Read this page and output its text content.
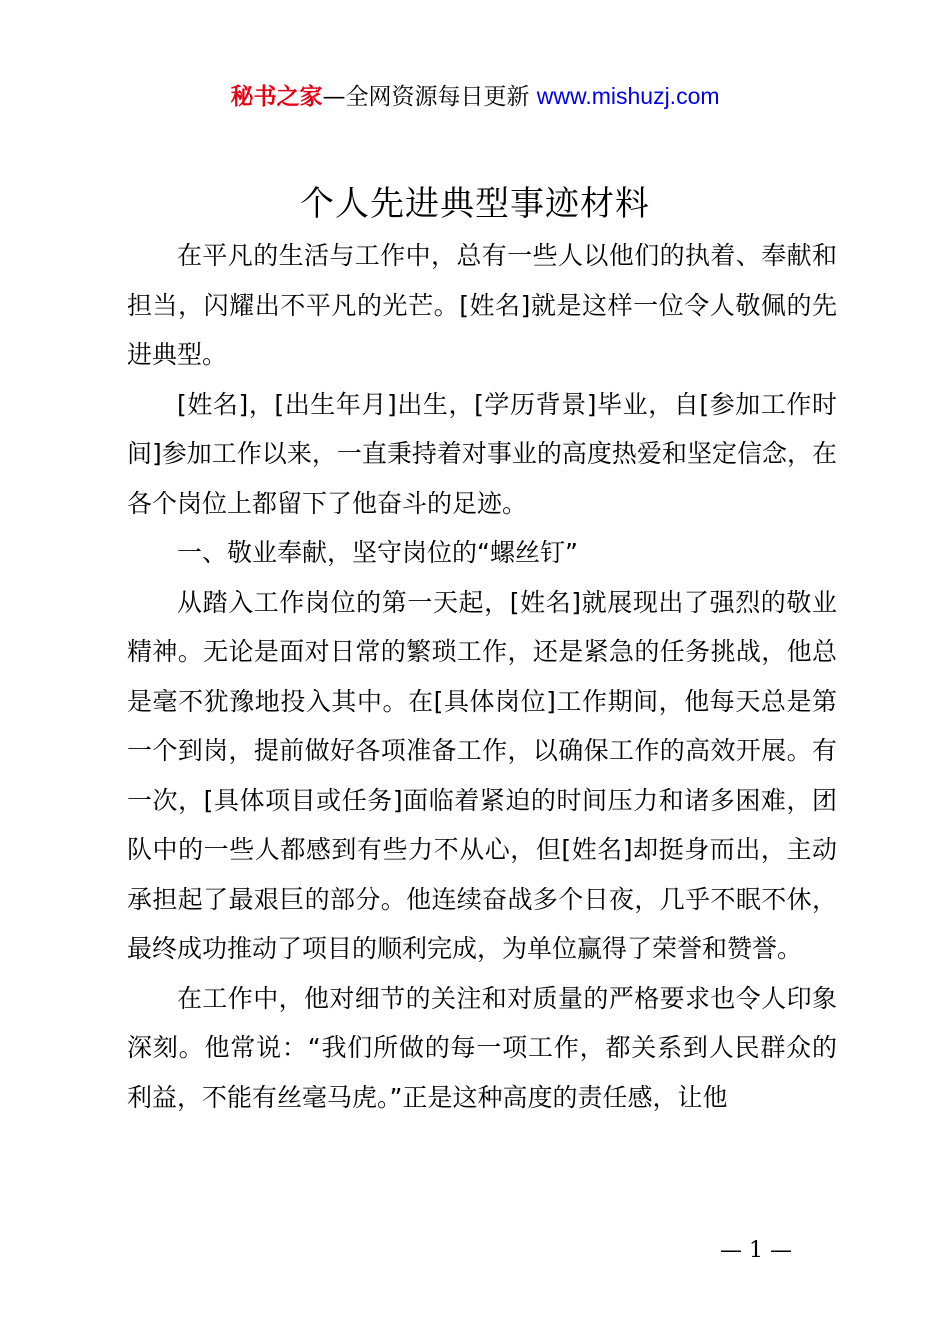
秘书之家—全网资源每日更新 www.mishuzj.com
个人先进典型事迹材料

在平凡的生活与工作中，总有一些人以他们的执着、奉献和担当，闪耀出不平凡的光芒。[姓名]就是这样一位令人敬佩的先进典型。

[姓名]，[出生年月]出生，[学历背景]毕业，自[参加工作时间]参加工作以来，一直秉持着对事业的高度热爱和坚定信念，在各个岗位上都留下了他奋斗的足迹。

一、敬业奉献，坚守岗位的“螺丝钉”

从踏入工作岗位的第一天起，[姓名]就展现出了强烈的敬业精神。无论是面对日常的繁琐工作，还是紧急的任务挑战，他总是毫不犹豫地投入其中。在[具体岗位]工作期间，他每天总是第一个到岗，提前做好各项准备工作，以确保工作的高效开展。有一次，[具体项目或任务]面临着紧迫的时间压力和诸多困难，团队中的一些人都感到有些力不从心，但[姓名]却挺身而出，主动承担起了最艰巨的部分。他连续奋战多个日夜，几乎不眠不休，最终成功推动了项目的顺利完成，为单位赢得了荣誉和赞誉。

在工作中，他对细节的关注和对质量的严格要求也令人印象深刻。他常说：“我们所做的每一项工作，都关系到人民群众的利益，不能有丝毫马虎。”正是这种高度的责任感，让他

— 1 —
